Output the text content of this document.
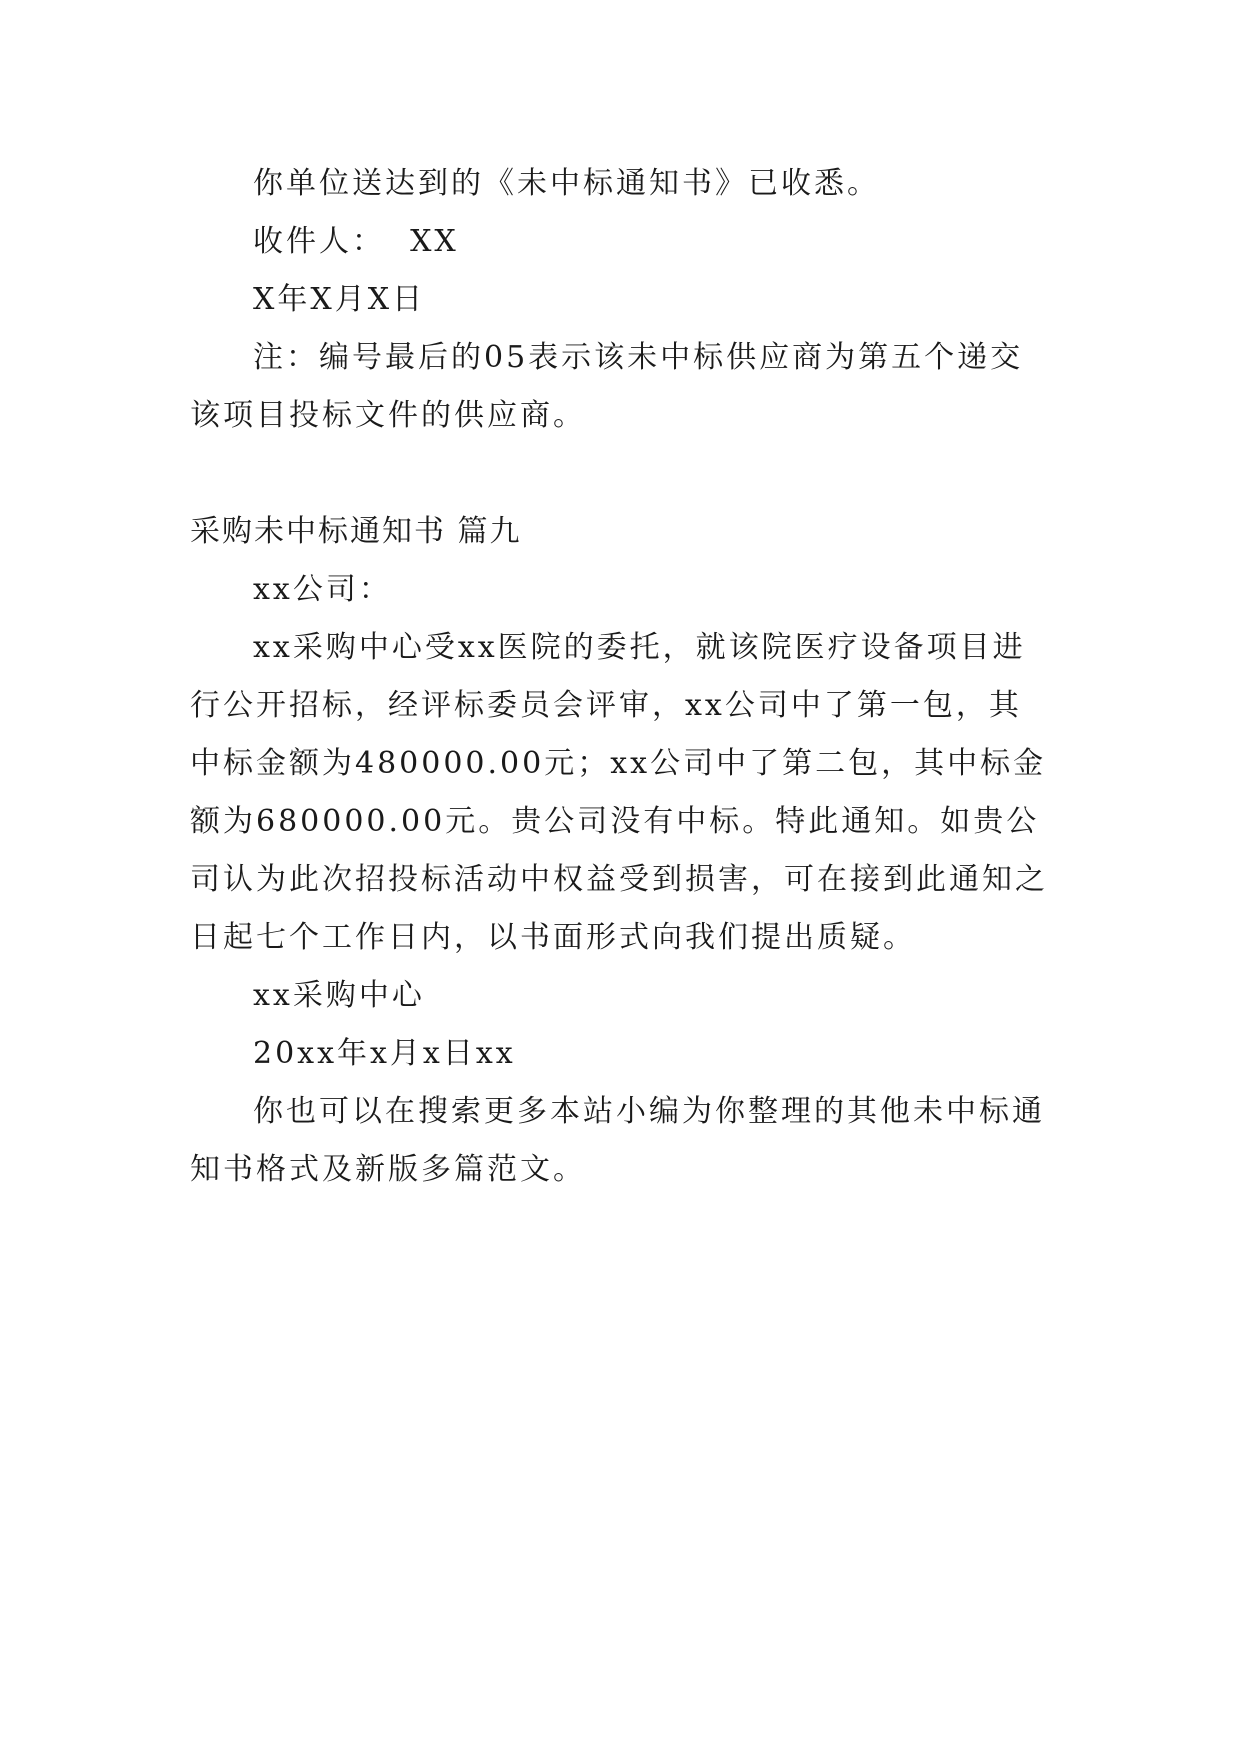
你单位送达到的《未中标通知书》已收悉。

收件人：  XX

X年X月X日

注：编号最后的05表示该未中标供应商为第五个递交该项目投标文件的供应商。

采购未中标通知书 篇九

xx公司：

xx采购中心受xx医院的委托，就该院医疗设备项目进行公开招标，经评标委员会评审，xx公司中了第一包，其中标金额为480000.00元；xx公司中了第二包，其中标金额为680000.00元。贵公司没有中标。特此通知。如贵公司认为此次招投标活动中权益受到损害，可在接到此通知之日起七个工作日内，以书面形式向我们提出质疑。

xx采购中心

20xx年x月x日xx

你也可以在搜索更多本站小编为你整理的其他未中标通知书格式及新版多篇范文。
